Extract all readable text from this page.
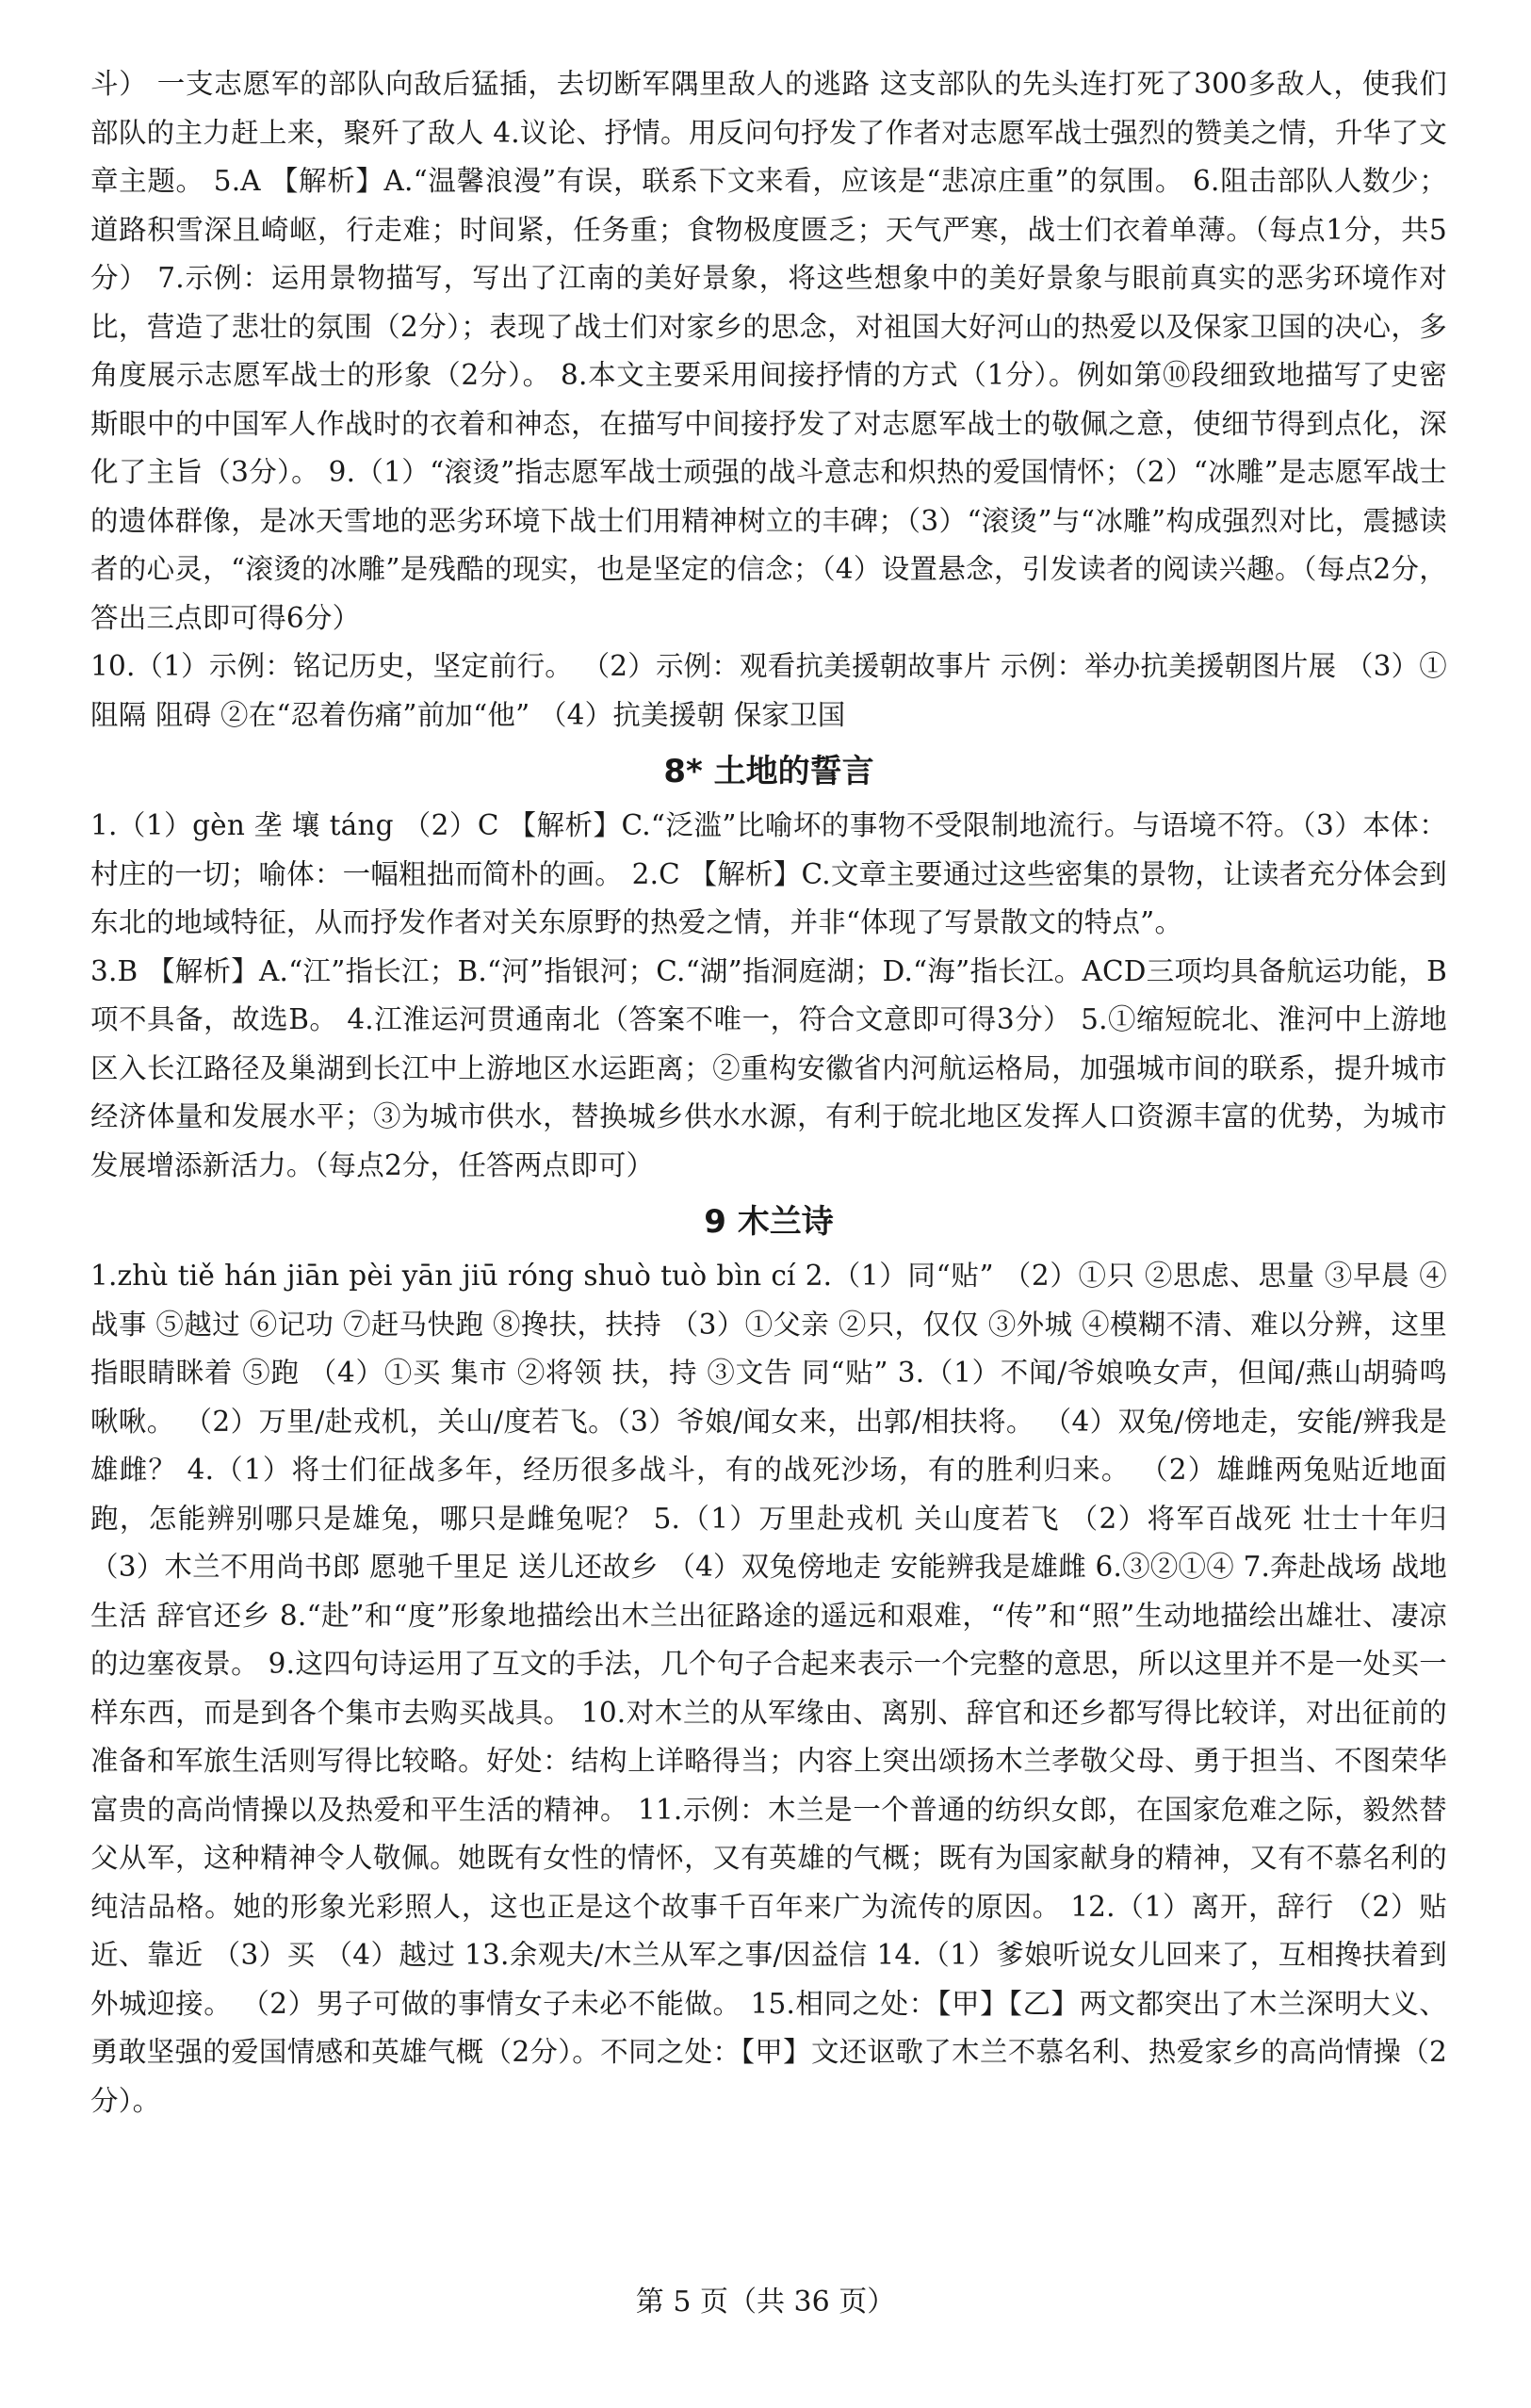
斗） 一支志愿军的部队向敌后猛插，去切断军隅里敌人的逃路 这支部队的先头连打死了300多敌人，使我们部队的主力赶上来，聚歼了敌人 4.议论、抒情。用反问句抒发了作者对志愿军战士强烈的赞美之情，升华了文章主题。 5.A 【解析】A.“温馨浪漫”有误，联系下文来看，应该是“悲凉庄重”的氛围。 6.阻击部队人数少；道路积雪深且崎岖，行走难；时间紧，任务重；食物极度匮乏；天气严寒，战士们衣着单薄。（每点1分，共5分） 7.示例：运用景物描写，写出了江南的美好景象，将这些想象中的美好景象与眼前真实的恶劣环境作对比，营造了悲壮的氛围（2分）；表现了战士们对家乡的思念，对祖国大好河山的热爱以及保家卫国的决心，多角度展示志愿军战士的形象（2分）。 8.本文主要采用间接抒情的方式（1分）。例如第⑩段细致地描写了史密斯眼中的中国军人作战时的衣着和神态，在描写中间接抒发了对志愿军战士的敬佩之意，使细节得到点化，深化了主旨（3分）。 9.（1）“滚烫”指志愿军战士顽强的战斗意志和炽热的爱国情怀；（2）“冰雕”是志愿军战士的遗体群像，是冰天雪地的恶劣环境下战士们用精神树立的丰碑；（3）“滚烫”与“冰雕”构成强烈对比，震撼读者的心灵，“滚烫的冰雕”是残酷的现实，也是坚定的信念；（4）设置悬念，引发读者的阅读兴趣。（每点2分，答出三点即可得6分）

10.（1）示例：铭记历史，坚定前行。 （2）示例：观看抗美援朝故事片 示例：举办抗美援朝图片展 （3）①阻隔 阻碍 ②在“忍着伤痛”前加“他” （4）抗美援朝 保家卫国

8* 土地的誓言

1.（1）gèn 垄 壤 táng （2）C 【解析】C.“泛滥”比喻坏的事物不受限制地流行。与语境不符。（3）本体：村庄的一切；喻体：一幅粗拙而简朴的画。 2.C 【解析】C.文章主要通过这些密集的景物，让读者充分体会到东北的地域特征，从而抒发作者对关东原野的热爱之情，并非“体现了写景散文的特点”。

3.B 【解析】A.“江”指长江；B.“河”指银河；C.“湖”指洞庭湖；D.“海”指长江。ACD三项均具备航运功能，B项不具备，故选B。 4.江淮运河贯通南北（答案不唯一，符合文意即可得3分） 5.①缩短皖北、淮河中上游地区入长江路径及巢湖到长江中上游地区水运距离；②重构安徽省内河航运格局，加强城市间的联系，提升城市经济体量和发展水平；③为城市供水，替换城乡供水水源，有利于皖北地区发挥人口资源丰富的优势，为城市发展增添新活力。（每点2分，任答两点即可）

9 木兰诗

1.zhù tiě hán jiān pèi yān jiū róng shuò tuò bìn cí 2.（1）同“贴” （2）①只 ②思虑、思量 ③早晨 ④战事 ⑤越过 ⑥记功 ⑦赶马快跑 ⑧搀扶，扶持 （3）①父亲 ②只，仅仅 ③外城 ④模糊不清、难以分辨，这里指眼睛眯着 ⑤跑 （4）①买 集市 ②将领 扶，持 ③文告 同“贴” 3.（1）不闻/爷娘唤女声，但闻/燕山胡骑鸣啾啾。 （2）万里/赴戎机，关山/度若飞。（3）爷娘/闻女来，出郭/相扶将。 （4）双兔/傍地走，安能/辨我是雄雌？ 4.（1）将士们征战多年，经历很多战斗，有的战死沙场，有的胜利归来。 （2）雄雌两兔贴近地面跑，怎能辨别哪只是雄兔，哪只是雌兔呢？ 5.（1）万里赴戎机 关山度若飞 （2）将军百战死 壮士十年归 （3）木兰不用尚书郎 愿驰千里足 送儿还故乡 （4）双兔傍地走 安能辨我是雄雌 6.③②①④ 7.奔赴战场 战地生活 辞官还乡 8.“赴”和“度”形象地描绘出木兰出征路途的遥远和艰难，“传”和“照”生动地描绘出雄壮、凄凉的边塞夜景。 9.这四句诗运用了互文的手法，几个句子合起来表示一个完整的意思，所以这里并不是一处买一样东西，而是到各个集市去购买战具。 10.对木兰的从军缘由、离别、辞官和还乡都写得比较详，对出征前的准备和军旅生活则写得比较略。好处：结构上详略得当；内容上突出颂扬木兰孝敬父母、勇于担当、不图荣华富贵的高尚情操以及热爱和平生活的精神。 11.示例：木兰是一个普通的纺织女郎，在国家危难之际，毅然替父从军，这种精神令人敬佩。她既有女性的情怀，又有英雄的气概；既有为国家献身的精神，又有不慕名利的纯洁品格。她的形象光彩照人，这也正是这个故事千百年来广为流传的原因。 12.（1）离开，辞行 （2）贴近、靠近 （3）买 （4）越过 13.余观夫/木兰从军之事/因益信 14.（1）爹娘听说女儿回来了，互相搀扶着到外城迎接。 （2）男子可做的事情女子未必不能做。 15.相同之处：【甲】【乙】两文都突出了木兰深明大义、勇敢坚强的爱国情感和英雄气概（2分）。不同之处：【甲】文还讴歌了木兰不慕名利、热爱家乡的高尚情操（2分）。

第 5 页（共 36 页）
